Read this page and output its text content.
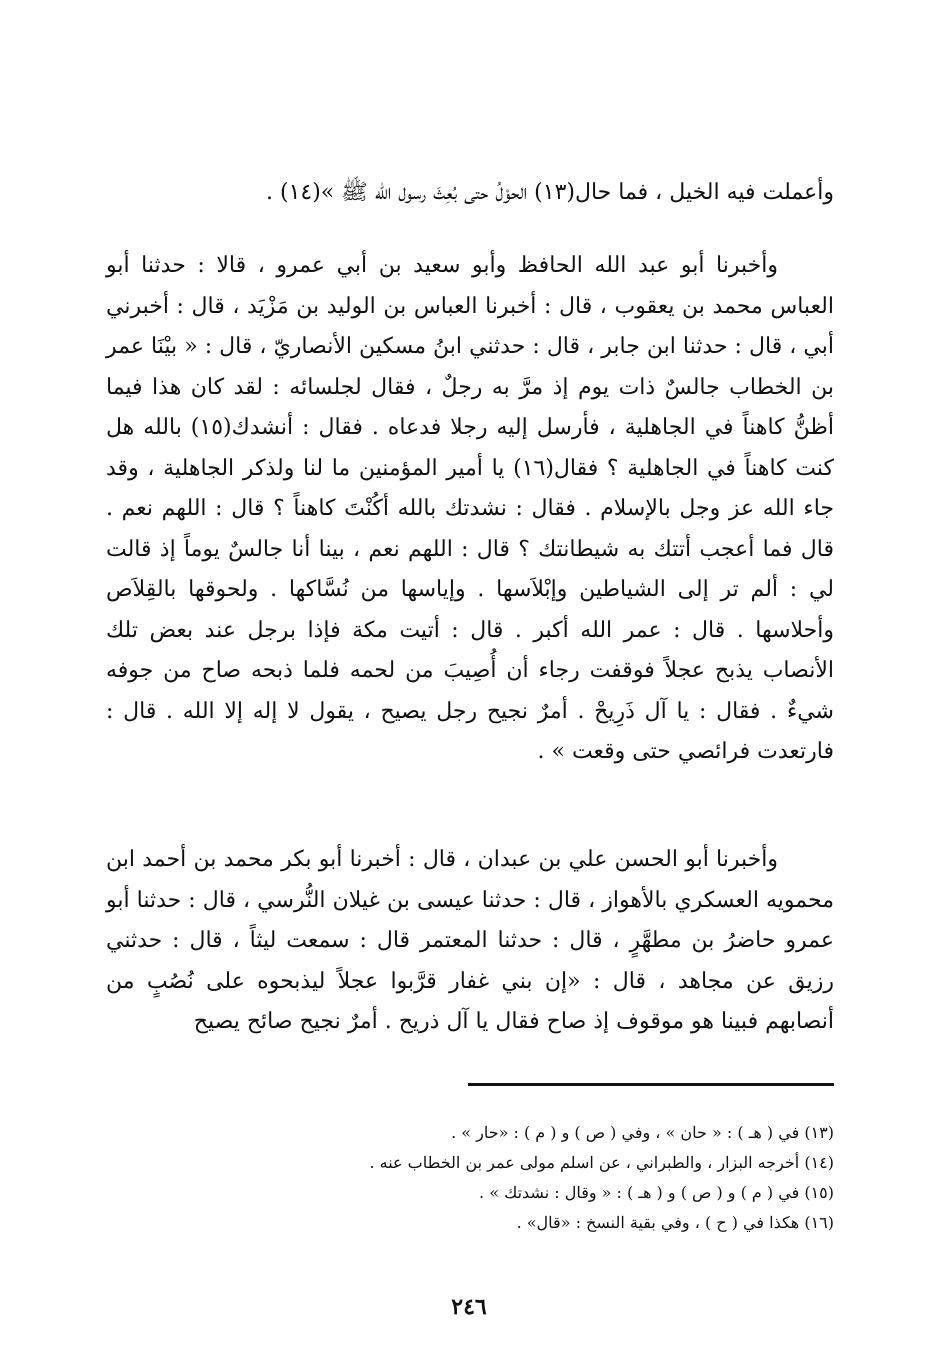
وأعملت فيه الخيل ، فما حال(١٣) الحوْلُ حتى بُعِثَ رسول الله ﷺ »(١٤) .

وأخبرنا أبو عبد الله الحافظ وأبو سعيد بن أبي عمرو ، قالا : حدثنا أبو العباس محمد بن يعقوب ، قال : أخبرنا العباس بن الوليد بن مَزْيَد ، قال : أخبرني أبي ، قال : حدثنا ابن جابر ، قال : حدثني ابنُ مسكين الأنصاريّ ، قال : « بيْنَا عمر بن الخطاب جالسٌ ذات يوم إذ مرَّ به رجلٌ ، فقال لجلسائه : لقد كان هذا فيما أظنُّ كاهناً في الجاهلية ، فأرسل إليه رجلا فدعاه . فقال : أنشدك(١٥) بالله هل كنت كاهناً في الجاهلية ؟ فقال(١٦) يا أمير المؤمنين ما لنا ولذكر الجاهلية ، وقد جاء الله عز وجل بالإسلام . فقال : نشدتك بالله أكُنْتَ كاهناً ؟ قال : اللهم نعم . قال فما أعجب أتتك به شيطانتك ؟ قال : اللهم نعم ، بينا أنا جالسٌ يوماً إذ قالت لي : ألم تر إلى الشياطين وإبْلاَسها . وإياسها من نُسَّاكها . ولحوقها بالقِلاَص وأحلاسها . قال : عمر الله أكبر . قال : أتيت مكة فإذا برجل عند بعض تلك الأنصاب يذبح عجلاً فوقفت رجاء أن أُصِيبَ من لحمه فلما ذبحه صاح من جوفه شيءٌ . فقال : يا آل ذَرِيحْ . أمرٌ نجيح رجل يصيح ، يقول لا إله إلا الله . قال : فارتعدت فرائصي حتى وقعت » .

وأخبرنا أبو الحسن علي بن عبدان ، قال : أخبرنا أبو بكر محمد بن أحمد ابن محمويه العسكري بالأهواز ، قال : حدثنا عيسى بن غيلان النُّرسي ، قال : حدثنا أبو عمرو حاضرُ بن مطهَّرٍ ، قال : حدثنا المعتمر قال : سمعت ليثاً ، قال : حدثني رزيق عن مجاهد ، قال : «إن بني غفار قرَّبوا عجلاً ليذبحوه على نُصُبٍ من أنصابهم فبينا هو موقوف إذ صاح فقال يا آل ذريح . أمرٌ نجيح صائح يصيح

(١٣) في ( هـ ) : « حان » ، وفي ( ص ) و ( م ) : «حار » .

(١٤) أخرجه البزار ، والطبراني ، عن اسلم مولى عمر بن الخطاب عنه .

(١٥) في ( م ) و ( ص ) و ( هـ ) : « وقال : نشدتك » .

(١٦) هكذا في ( ح ) ، وفي بقية النسخ : «قال» .

٢٤٦
